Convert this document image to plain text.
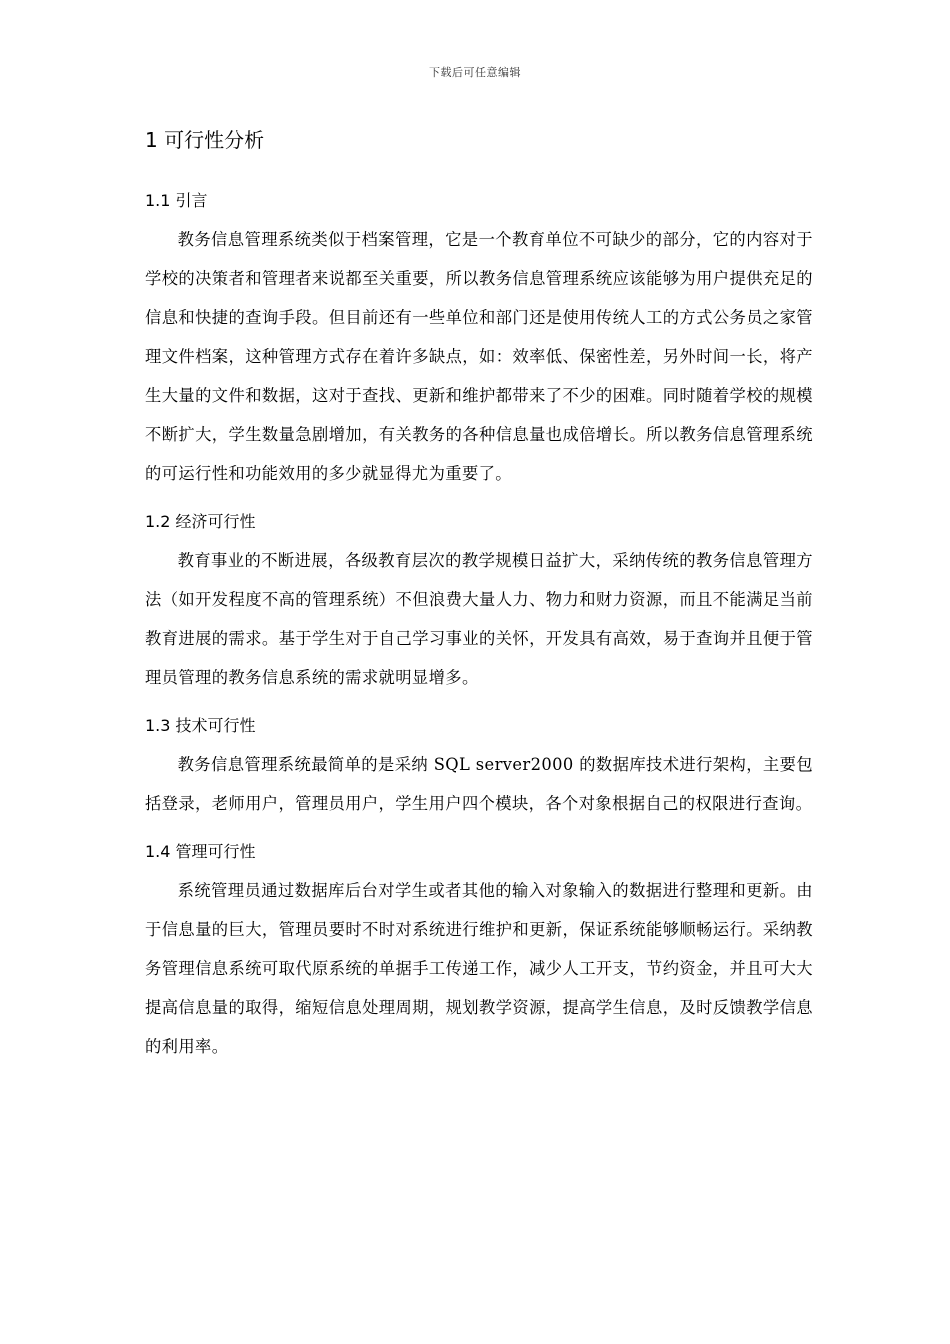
下载后可任意编辑
1 可行性分析
1.1 引言

教务信息管理系统类似于档案管理，它是一个教育单位不可缺少的部分，它的内容对于学校的决策者和管理者来说都至关重要，所以教务信息管理系统应该能够为用户提供充足的信息和快捷的查询手段。但目前还有一些单位和部门还是使用传统人工的方式公务员之家管理文件档案，这种管理方式存在着许多缺点，如：效率低、保密性差，另外时间一长，将产生大量的文件和数据，这对于查找、更新和维护都带来了不少的困难。同时随着学校的规模不断扩大，学生数量急剧增加，有关教务的各种信息量也成倍增长。所以教务信息管理系统的可运行性和功能效用的多少就显得尤为重要了。

1.2 经济可行性

教育事业的不断进展，各级教育层次的教学规模日益扩大，采纳传统的教务信息管理方法（如开发程度不高的管理系统）不但浪费大量人力、物力和财力资源，而且不能满足当前教育进展的需求。基于学生对于自己学习事业的关怀，开发具有高效，易于查询并且便于管理员管理的教务信息系统的需求就明显增多。

1.3 技术可行性

教务信息管理系统最简单的是采纳 SQL server2000 的数据库技术进行架构，主要包括登录，老师用户，管理员用户，学生用户四个模块，各个对象根据自己的权限进行查询。

1.4 管理可行性

系统管理员通过数据库后台对学生或者其他的输入对象输入的数据进行整理和更新。由于信息量的巨大，管理员要时不时对系统进行维护和更新，保证系统能够顺畅运行。采纳教务管理信息系统可取代原系统的单据手工传递工作，减少人工开支，节约资金，并且可大大提高信息量的取得，缩短信息处理周期，规划教学资源，提高学生信息，及时反馈教学信息的利用率。
